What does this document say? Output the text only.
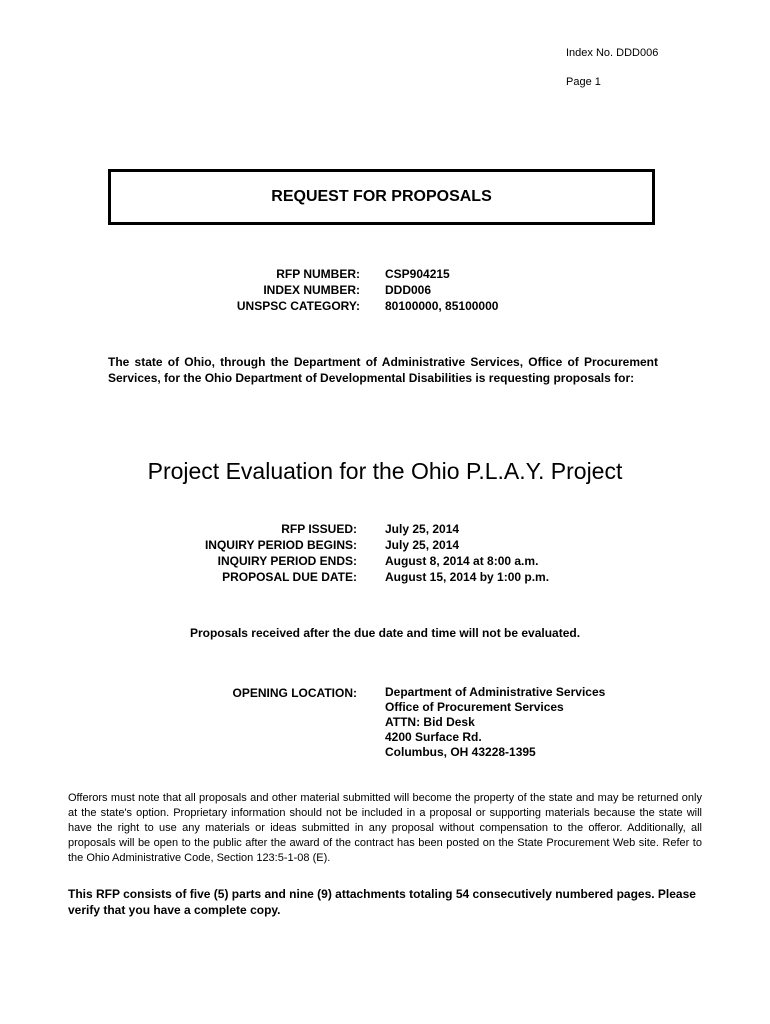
Index No. DDD006
Page 1
REQUEST FOR PROPOSALS
RFP NUMBER:
INDEX NUMBER:
UNSPSC CATEGORY:
CSP904215
DDD006
80100000, 85100000
The state of Ohio, through the Department of Administrative Services, Office of Procurement Services, for the Ohio Department of Developmental Disabilities is requesting proposals for:
Project Evaluation for the Ohio P.L.A.Y. Project
RFP ISSUED:
INQUIRY PERIOD BEGINS:
INQUIRY PERIOD ENDS:
PROPOSAL DUE DATE:
July 25, 2014
July 25, 2014
August 8, 2014 at 8:00 a.m.
August 15, 2014 by 1:00 p.m.
Proposals received after the due date and time will not be evaluated.
OPENING LOCATION: Department of Administrative Services
Office of Procurement Services
ATTN: Bid Desk
4200 Surface Rd.
Columbus, OH 43228-1395
Offerors must note that all proposals and other material submitted will become the property of the state and may be returned only at the state's option. Proprietary information should not be included in a proposal or supporting materials because the state will have the right to use any materials or ideas submitted in any proposal without compensation to the offeror. Additionally, all proposals will be open to the public after the award of the contract has been posted on the State Procurement Web site. Refer to the Ohio Administrative Code, Section 123:5-1-08 (E).
This RFP consists of five (5) parts and nine (9) attachments totaling 54 consecutively numbered pages. Please verify that you have a complete copy.
